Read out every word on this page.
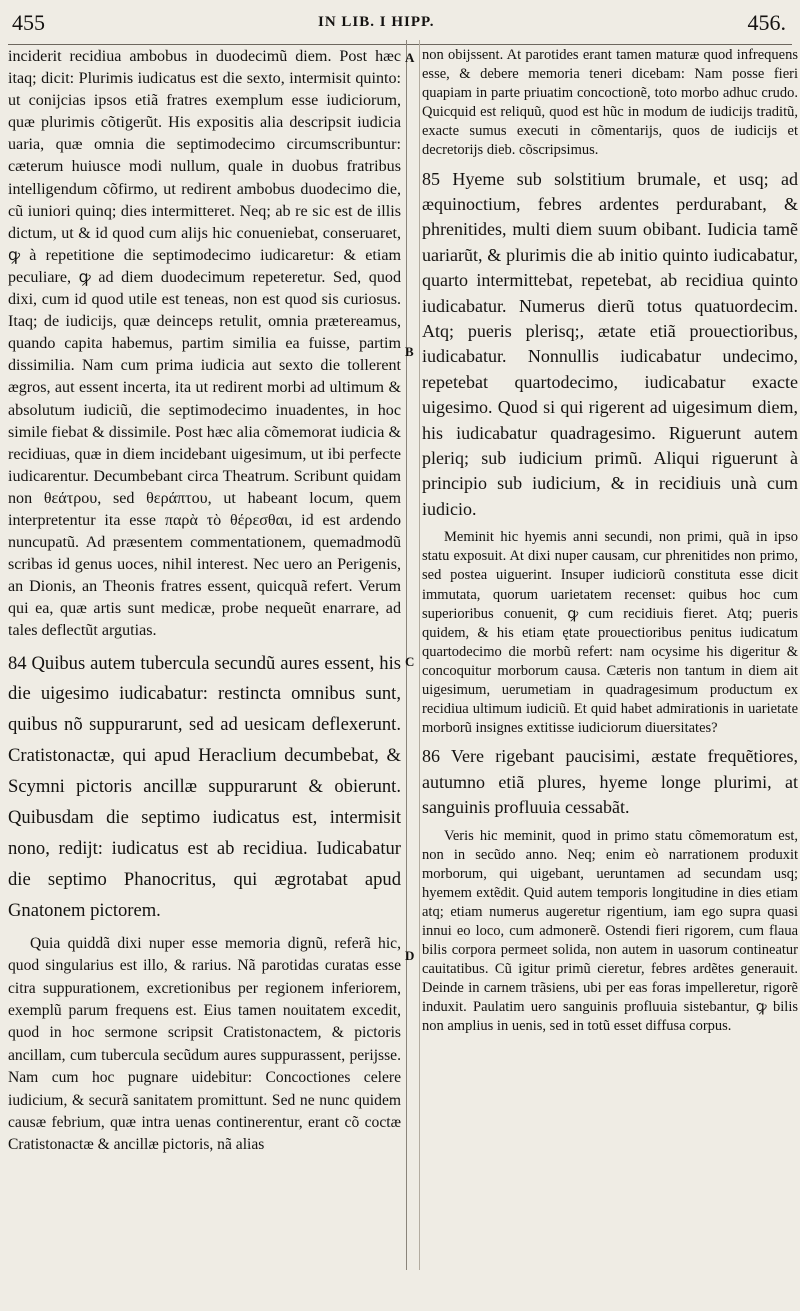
455	IN LIB. I HIPP.	456.
A
B
C
D

inciderit recidiua ambobus in duodecimũ diem. Post hæc itaq; dicit: Plurimis iudicatus est die sexto, intermisit quinto: ut conijcias ipsos etiã fratres exemplum esse iudiciorum, quæ plurimis cõtigerũt. His expositis alia descripsit iudicia uaria, quæ omnia die septimodecimo circumscribuntur: cæterum huiusce modi nullum, quale in duobus fratribus intelligendum cõfirmo, ut redirent ambobus duodecimo die, cũ iuniori quinq; dies intermitteret. Neq; ab re sic est de illis dictum, ut & id quod cum alijs hic conueniebat, conseruaret, ꝙ à repetitione die septimodecimo iudicaretur: & etiam peculiare, ꝙ ad diem duodecimum repeteretur. Sed, quod dixi, cum id quod utile est teneas, non est quod sis curiosus. Itaq; de iudicijs, quæ deinceps retulit, omnia prætereamus, quando capita habemus, partim similia ea fuisse, partim dissimilia. Nam cum prima iudicia aut sexto die tollerent ægros, aut essent incerta, ita ut redirent morbi ad ultimum & absolutum iudiciũ, die septimodecimo inuadentes, in hoc simile fiebat & dissimile. Post hæc alia cõmemorat iudicia & recidiuas, quæ in diem incidebant uigesimum, ut ibi perfecte iudicarentur. Decumbebant circa Theatrum. Scribunt quidam non θεάτρου, sed θεράπτου, ut habeant locum, quem interpretentur ita esse παρὰ τὸ θέρεσθαι, id est ardendo nuncupatũ. Ad præsentem commentationem, quemadmodũ scribas id genus uoces, nihil interest. Nec uero an Perigenis, an Dionis, an Theonis fratres essent, quicquã refert. Verum qui ea, quæ artis sunt medicæ, probe nequeũt enarrare, ad tales deflectũt argutias.

84 Quibus autem tubercula secundũ aures essent, his die uigesimo iudicabatur: restincta omnibus sunt, quibus nõ suppurarunt, sed ad uesicam deflexerunt. Cratistonactæ, qui apud Heraclium decumbebat, & Scymni pictoris ancillæ suppurarunt & obierunt. Quibusdam die septimo iudicatus est, intermisit nono, redijt: iudicatus est ab recidiua. Iudicabatur die septimo Phanocritus, qui ægrotabat apud Gnatonem pictorem.

Quia quiddã dixi nuper esse memoria dignũ, referã hic, quod singularius est illo, & rarius. Nã parotidas curatas esse citra suppurationem, excretionibus per regionem inferiorem, exemplũ parum frequens est. Eius tamen nouitatem excedit, quod in hoc sermone scripsit Cratistonactem, & pictoris ancillam, cum tubercula secũdum aures suppurassent, perijsse. Nam cum hoc pugnare uidebitur: Concoctiones celere iudicium, & securã sanitatem promittunt. Sed ne nunc quidem causæ febrium, quæ intra uenas continerentur, erant cõ coctæ Cratistonactæ & ancillæ pictoris, nã alias

non obijssent. At parotides erant tamen maturæ quod infrequens esse, & debere memoria teneri dicebam: Nam posse fieri quapiam in parte priuatim concoctionẽ, toto morbo adhuc crudo. Quicquid est reliquũ, quod est hũc in modum de iudicijs traditũ, exacte sumus executi in cõmentarijs, quos de iudicijs et decretorijs dieb. cõscripsimus.

85 Hyeme sub solstitium brumale, et usq; ad æquinoctium, febres ardentes perdurabant, & phrenitides, multi diem suum obibant. Iudicia tamẽ uariarũt, & plurimis die ab initio quinto iudicabatur, quarto intermittebat, repetebat, ab recidiua quinto iudicabatur. Numerus dierũ totus quatuordecim. Atq; pueris plerisq;, ætate etiã prouectioribus, iudicabatur. Nonnullis iudicabatur undecimo, repetebat quartodecimo, iudicabatur exacte uigesimo. Quod si qui rigerent ad uigesimum diem, his iudicabatur quadragesimo. Riguerunt autem pleriq; sub iudicium primũ. Aliqui riguerunt à principio sub iudicium, & in recidiuis unà cum iudicio.

Meminit hic hyemis anni secundi, non primi, quã in ipso statu exposuit. At dixi nuper causam, cur phrenitides non primo, sed postea uiguerint. Insuper iudiciorũ constituta esse dicit immutata, quorum uarietatem recenset: quibus hoc cum superioribus conuenit, ꝙ cum recidiuis fieret. Atq; pueris quidem, & his etiam ętate prouectioribus penitus iudicatum quartodecimo die morbũ refert: nam ocysime his digeritur & concoquitur morborum causa. Cæteris non tantum in diem ait uigesimum, uerumetiam in quadragesimum productum ex recidiua ultimum iudiciũ. Et quid habet admirationis in uarietate morborũ insignes extitisse iudiciorum diuersitates?

86 Vere rigebant paucisimi, æstate frequẽtiores, autumno etiã plures, hyeme longe plurimi, at sanguinis profluuia cessabãt.

Veris hic meminit, quod in primo statu cõmemoratum est, non in secũdo anno. Neq; enim eò narrationem produxit morborum, qui uigebant, ueruntamen ad secundam usq; hyemem extẽdit. Quid autem temporis longitudine in dies etiam atq; etiam numerus augeretur rigentium, iam ego supra quasi innui eo loco, cum admonerẽ. Ostendi fieri rigorem, cum flaua bilis corpora permeet solida, non autem in uasorum contineatur cauitatibus. Cũ igitur primũ cieretur, febres ardẽtes generauit. Deinde in carnem trãsiens, ubi per eas foras impelleretur, rigorẽ induxit. Paulatim uero sanguinis profluuia sistebantur, ꝙ bilis non amplius in uenis, sed in totũ esset diffusa corpus.
